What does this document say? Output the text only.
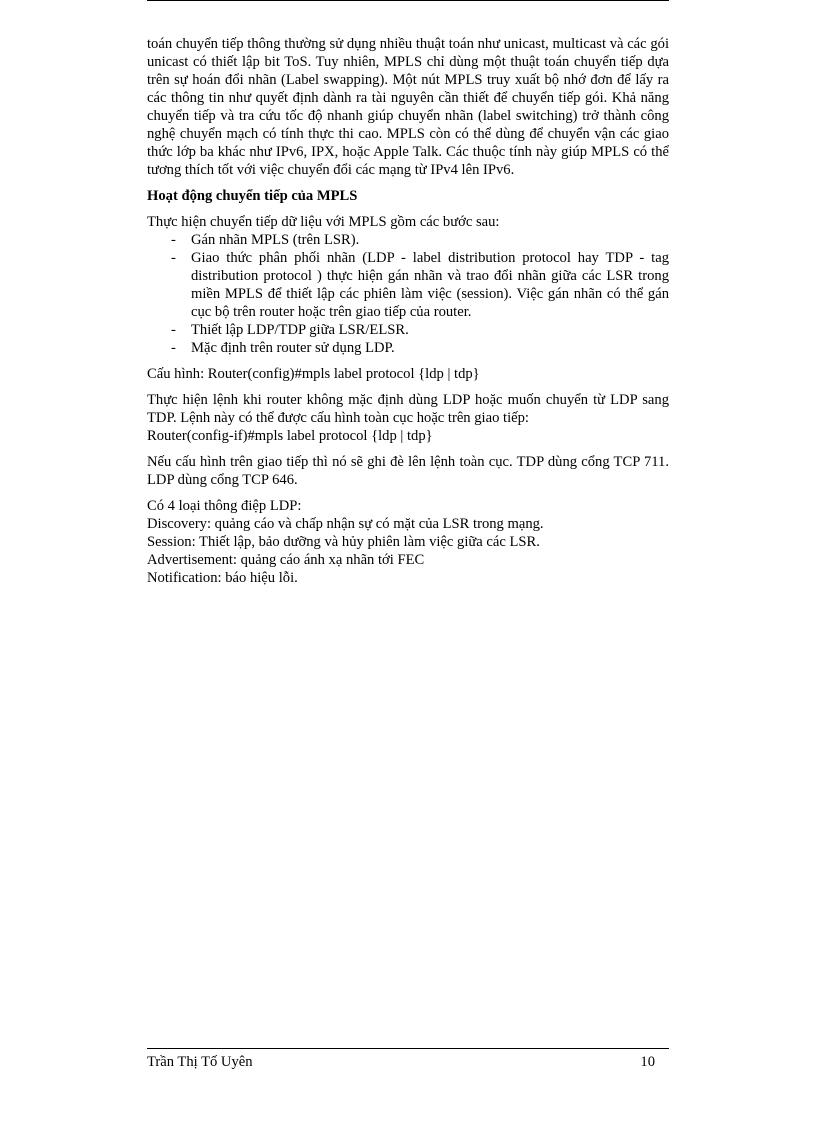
toán chuyển tiếp thông thường sử dụng nhiều thuật toán như unicast, multicast và các gói unicast có thiết lập bit ToS. Tuy nhiên, MPLS chỉ dùng một thuật toán chuyển tiếp dựa trên sự hoán đổi nhãn (Label swapping). Một nút MPLS truy xuất bộ nhớ đơn để lấy ra các thông tin như quyết định dành ra tài nguyên cần thiết để chuyển tiếp gói. Khả năng chuyển tiếp và tra cứu tốc độ nhanh giúp chuyển nhãn (label switching) trở thành công nghệ chuyển mạch có tính thực thi cao. MPLS còn có thể dùng để chuyển vận các giao thức lớp ba khác như IPv6, IPX, hoặc Apple Talk. Các thuộc tính này giúp MPLS có thể tương thích tốt với việc chuyển đổi các mạng từ IPv4 lên IPv6.

Hoạt động chuyển tiếp của MPLS

Thực hiện chuyển tiếp dữ liệu với MPLS gồm các bước sau:

- Gán nhãn MPLS (trên LSR).
- Giao thức phân phối nhãn (LDP - label distribution protocol hay TDP - tag distribution protocol ) thực hiện gán nhãn và trao đổi nhãn giữa các LSR trong miền MPLS để thiết lập các phiên làm việc (session). Việc gán nhãn có thể gán cục bộ trên router hoặc trên giao tiếp của router.
- Thiết lập LDP/TDP giữa LSR/ELSR.
- Mặc định trên router sử dụng LDP.

Cấu hình: Router(config)#mpls label protocol {ldp | tdp}

Thực hiện lệnh khi router không mặc định dùng LDP hoặc muốn chuyển từ LDP sang TDP. Lệnh này có thể được cấu hình toàn cục hoặc trên giao tiếp:
Router(config-if)#mpls label protocol {ldp | tdp}

Nếu cấu hình trên giao tiếp thì nó sẽ ghi đè lên lệnh toàn cục. TDP dùng cổng TCP 711. LDP dùng cổng TCP 646.

Có 4 loại thông điệp LDP:
Discovery: quảng cáo và chấp nhận sự có mặt của LSR trong mạng.
Session: Thiết lập, bảo dưỡng và hủy phiên làm việc giữa các LSR.
Advertisement: quảng cáo ánh xạ nhãn tới FEC
Notification: báo hiệu lỗi.

Trần Thị Tố Uyên	10
